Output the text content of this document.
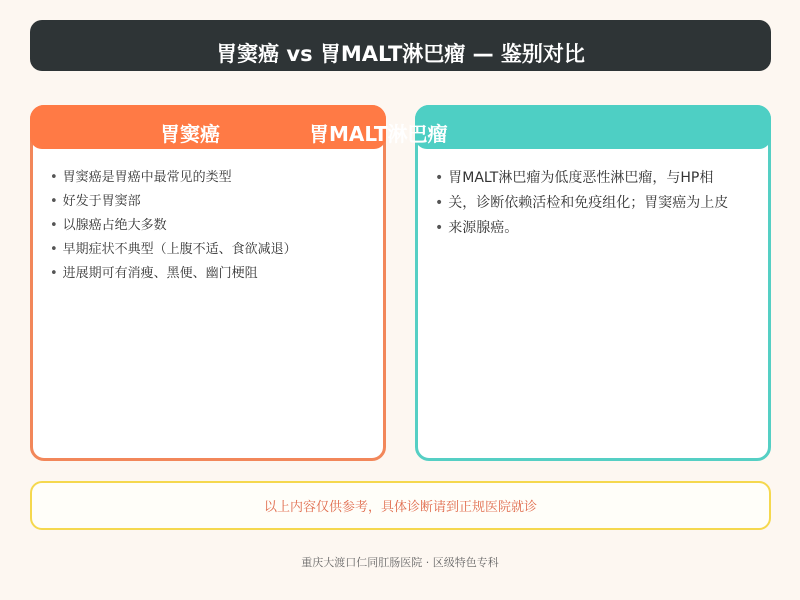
胃窦癌 vs 胃MALT淋巴瘤 — 鉴别对比
胃窦癌	胃MALT淋巴瘤
• 胃窦癌是胃癌中最常见的类型
• 好发于胃窦部
• 以腺癌占绝大多数
• 早期症状不典型（上腹不适、食欲减退）
• 进展期可有消瘦、黑便、幽门梗阻
• 胃MALT淋巴瘤为低度恶性淋巴瘤，与HP相
• 关，诊断依赖活检和免疫组化；胃窦癌为上皮
• 来源腺癌。
以上内容仅供参考，具体诊断请到正规医院就诊
重庆大渡口仁同肛肠医院 · 区级特色专科
